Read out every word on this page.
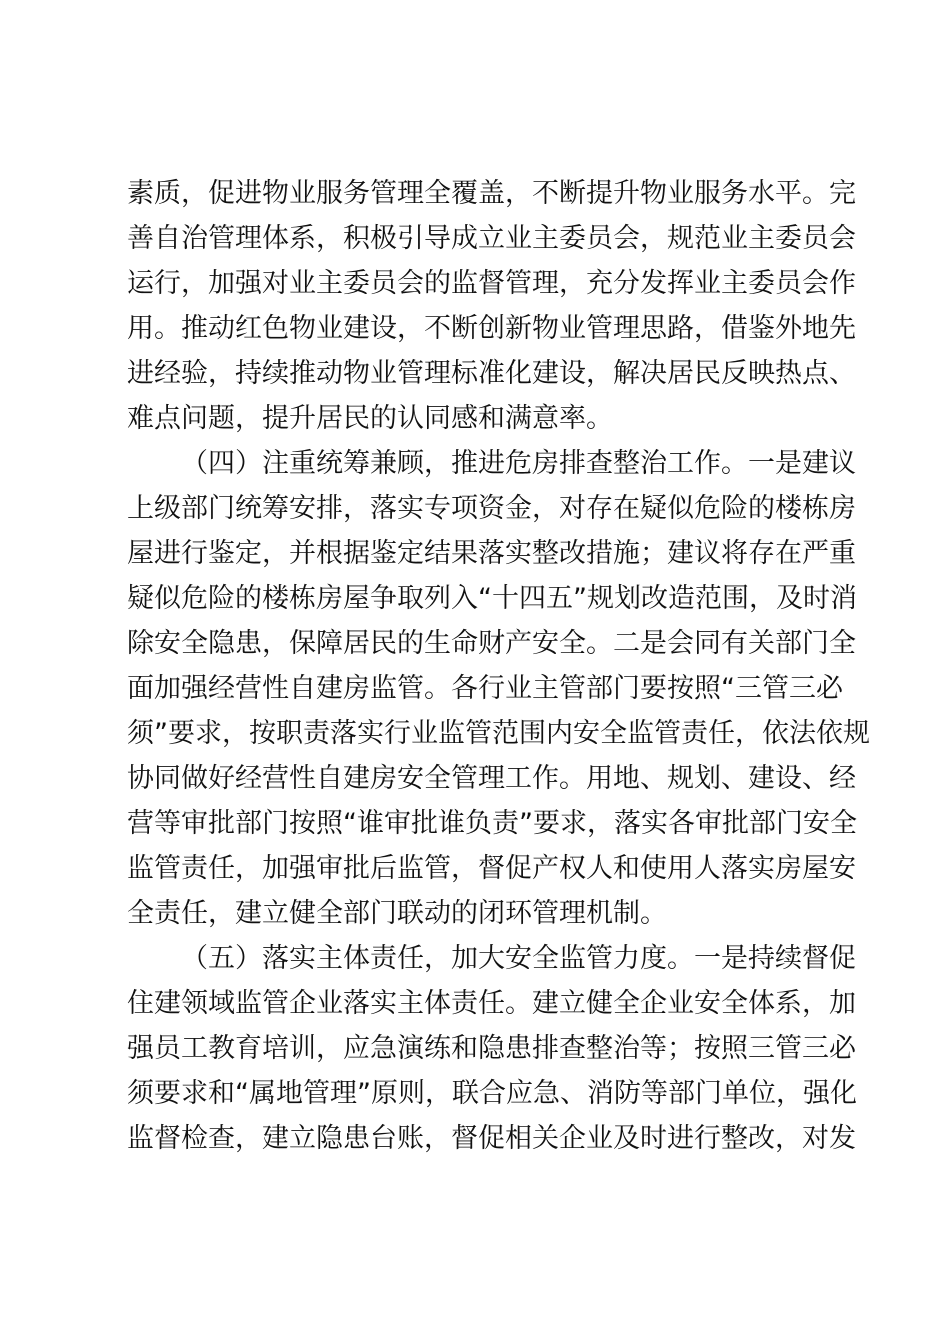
素质，促进物业服务管理全覆盖，不断提升物业服务水平。完
善自治管理体系，积极引导成立业主委员会，规范业主委员会
运行，加强对业主委员会的监督管理，充分发挥业主委员会作
用。推动红色物业建设，不断创新物业管理思路，借鉴外地先
进经验，持续推动物业管理标准化建设，解决居民反映热点、
难点问题，提升居民的认同感和满意率。
（四）注重统筹兼顾，推进危房排查整治工作。一是建议
上级部门统筹安排，落实专项资金，对存在疑似危险的楼栋房
屋进行鉴定，并根据鉴定结果落实整改措施；建议将存在严重
疑似危险的楼栋房屋争取列入“十四五”规划改造范围，及时消
除安全隐患，保障居民的生命财产安全。二是会同有关部门全
面加强经营性自建房监管。各行业主管部门要按照“三管三必
须”要求，按职责落实行业监管范围内安全监管责任，依法依规
协同做好经营性自建房安全管理工作。用地、规划、建设、经
营等审批部门按照“谁审批谁负责”要求，落实各审批部门安全
监管责任，加强审批后监管，督促产权人和使用人落实房屋安
全责任，建立健全部门联动的闭环管理机制。
（五）落实主体责任，加大安全监管力度。一是持续督促
住建领域监管企业落实主体责任。建立健全企业安全体系，加
强员工教育培训，应急演练和隐患排查整治等；按照三管三必
须要求和“属地管理”原则，联合应急、消防等部门单位，强化
监督检查，建立隐患台账，督促相关企业及时进行整改，对发
